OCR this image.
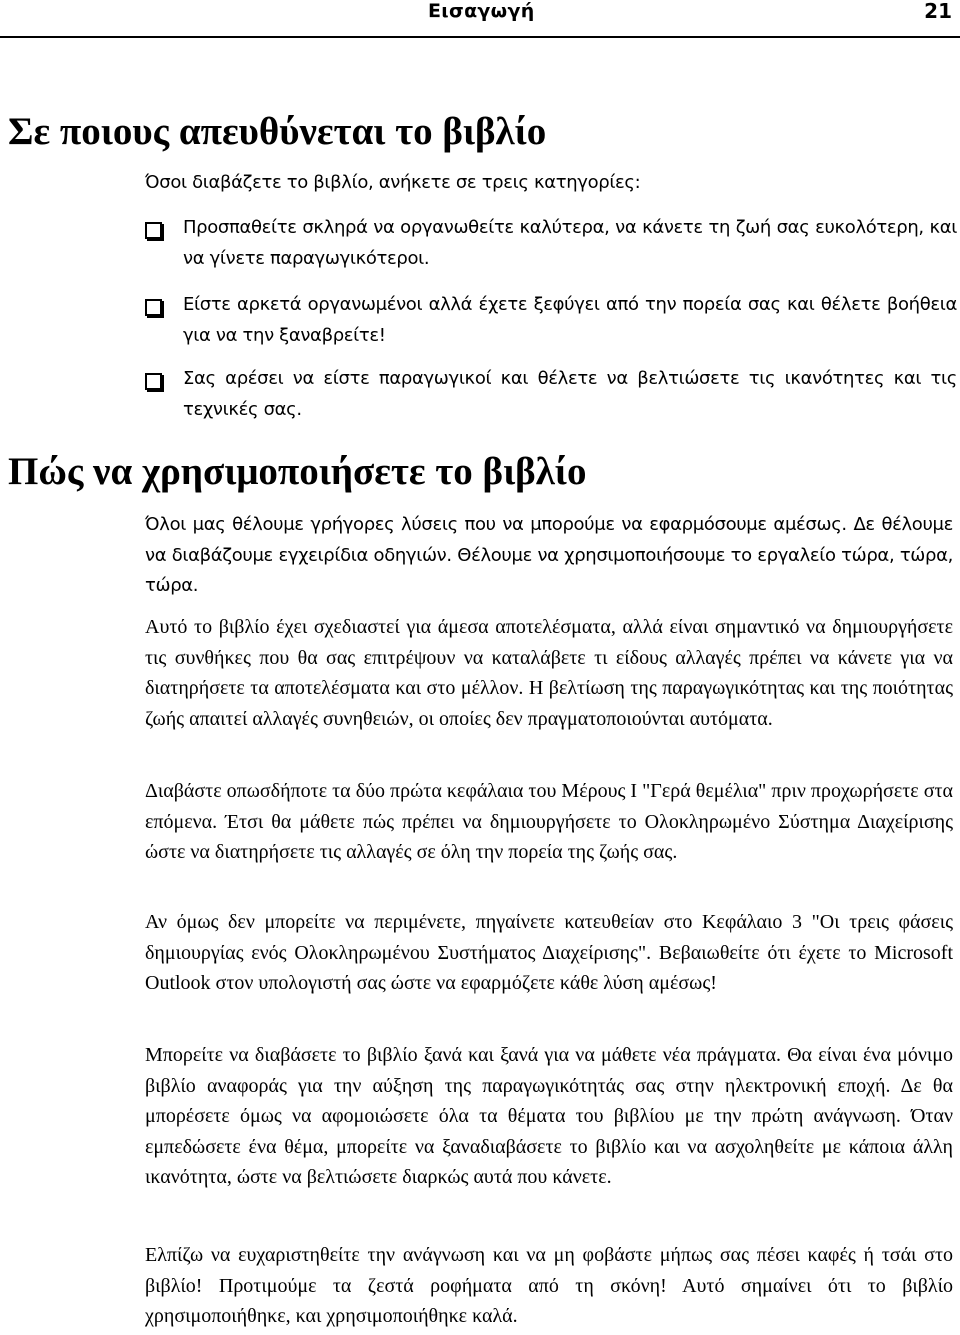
Εισαγωγή	21
Σε ποιους απευθύνεται το βιβλίο

Όσοι διαβάζετε το βιβλίο, ανήκετε σε τρεις κατηγορίες:

Προσπαθείτε σκληρά να οργανωθείτε καλύτερα, να κάνετε τη ζωή σας ευκολότερη, και να γίνετε παραγωγικότεροι.

Είστε αρκετά οργανωμένοι αλλά έχετε ξεφύγει από την πορεία σας και θέλετε βοήθεια για να την ξαναβρείτε!

Σας αρέσει να είστε παραγωγικοί και θέλετε να βελτιώσετε τις ικανότητες και τις τεχνικές σας.

Πώς να χρησιμοποιήσετε το βιβλίο

Όλοι μας θέλουμε γρήγορες λύσεις που να μπορούμε να εφαρμόσουμε αμέσως. Δε θέλουμε να διαβάζουμε εγχειρίδια οδηγιών. Θέλουμε να χρησιμοποιήσουμε το εργαλείο τώρα, τώρα, τώρα.

Αυτό το βιβλίο έχει σχεδιαστεί για άμεσα αποτελέσματα, αλλά είναι σημαντικό να δημιουργήσετε τις συνθήκες που θα σας επιτρέψουν να καταλάβετε τι είδους αλλαγές πρέπει να κάνετε για να διατηρήσετε τα αποτελέσματα και στο μέλλον. Η βελτίωση της παραγωγικότητας και της ποιότητας ζωής απαιτεί αλλαγές συνηθειών, οι οποίες δεν πραγματοποιούνται αυτόματα.

Διαβάστε οπωσδήποτε τα δύο πρώτα κεφάλαια του Μέρους Ι "Γερά θεμέλια" πριν προχωρήσετε στα επόμενα. Έτσι θα μάθετε πώς πρέπει να δημιουργήσετε το Ολοκληρωμένο Σύστημα Διαχείρισης ώστε να διατηρήσετε τις αλλαγές σε όλη την πορεία της ζωής σας.

Αν όμως δεν μπορείτε να περιμένετε, πηγαίνετε κατευθείαν στο Κεφάλαιο 3 "Οι τρεις φάσεις δημιουργίας ενός Ολοκληρωμένου Συστήματος Διαχείρισης". Βεβαιωθείτε ότι έχετε το Microsoft Outlook στον υπολογιστή σας ώστε να εφαρμόζετε κάθε λύση αμέσως!

Μπορείτε να διαβάσετε το βιβλίο ξανά και ξανά για να μάθετε νέα πράγματα. Θα είναι ένα μόνιμο βιβλίο αναφοράς για την αύξηση της παραγωγικότητάς σας στην ηλεκτρονική εποχή. Δε θα μπορέσετε όμως να αφομοιώσετε όλα τα θέματα του βιβλίου με την πρώτη ανάγνωση. Όταν εμπεδώσετε ένα θέμα, μπορείτε να ξαναδιαβάσετε το βιβλίο και να ασχοληθείτε με κάποια άλλη ικανότητα, ώστε να βελτιώσετε διαρκώς αυτά που κάνετε.

Ελπίζω να ευχαριστηθείτε την ανάγνωση και να μη φοβάστε μήπως σας πέσει καφές ή τσάι στο βιβλίο! Προτιμούμε τα ζεστά ροφήματα από τη σκόνη! Αυτό σημαίνει ότι το βιβλίο χρησιμοποιήθηκε, και χρησιμοποιήθηκε καλά.
